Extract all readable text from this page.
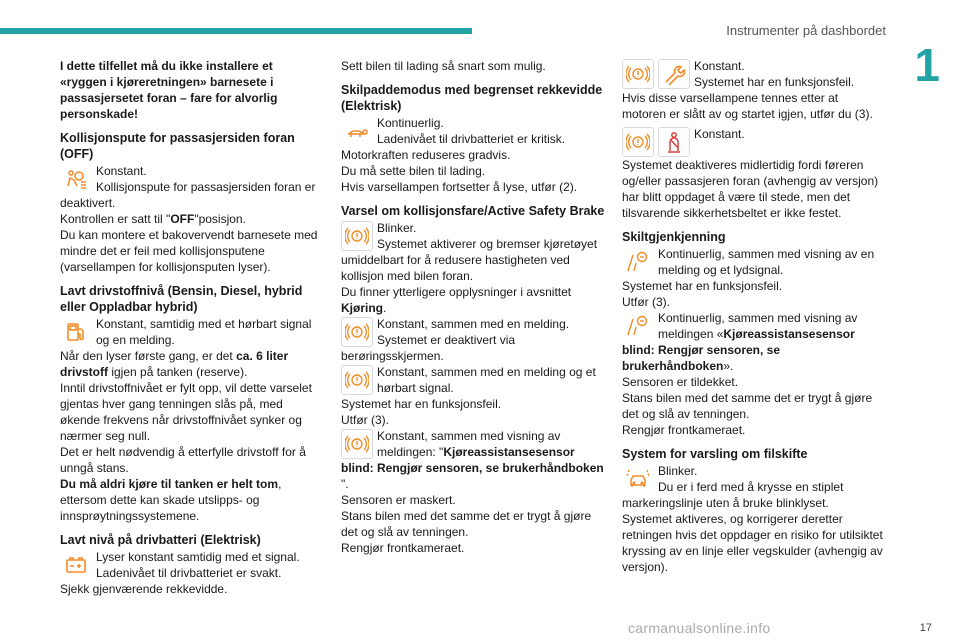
Instrumenter på dashbordet
1

I dette tilfellet må du ikke installere et «ryggen i kjøreretningen» barnesete i passasjersetet foran – fare for alvorlig personskade!

Kollisjonspute for passasjersiden foran (OFF)

Konstant.

Kollisjonspute for passasjersiden foran er deaktivert.

Kontrollen er satt til "OFF"posisjon.

Du kan montere et bakovervendt barnesete med mindre det er feil med kollisjonsputene (varsellampen for kollisjonsputen lyser).

Lavt drivstoffnivå (Bensin, Diesel, hybrid eller Oppladbar hybrid)

Konstant, samtidig med et hørbart signal og en melding.

Når den lyser første gang, er det ca. 6 liter drivstoff igjen på tanken (reserve).

Inntil drivstoffnivået er fylt opp, vil dette varselet gjentas hver gang tenningen slås på, med økende frekvens når drivstoffnivået synker og nærmer seg null.

Det er helt nødvendig å etterfylle drivstoff for å unngå stans.

Du må aldri kjøre til tanken er helt tom, ettersom dette kan skade utslipps- og innsprøytningssystemene.

Lavt nivå på drivbatteri (Elektrisk)

Lyser konstant samtidig med et signal.

Ladenivået til drivbatteriet er svakt.

Sjekk gjenværende rekkevidde.

Sett bilen til lading så snart som mulig.

Skilpaddemodus med begrenset rekkevidde (Elektrisk)

Kontinuerlig.

Ladenivået til drivbatteriet er kritisk.

Motorkraften reduseres gradvis.

Du må sette bilen til lading.

Hvis varsellampen fortsetter å lyse, utfør (2).

Varsel om kollisjonsfare/Active Safety Brake

Blinker.

Systemet aktiverer og bremser kjøretøyet umiddelbart for å redusere hastigheten ved kollisjon med bilen foran.

Du finner ytterligere opplysninger i avsnittet Kjøring.

Konstant, sammen med en melding.

Systemet er deaktivert via berøringsskjermen.

Konstant, sammen med en melding og et hørbart signal.

Systemet har en funksjonsfeil.

Utfør (3).

Konstant, sammen med visning av meldingen: "Kjøreassistansesensor blind: Rengjør sensoren, se brukerhåndboken ".

Sensoren er maskert.

Stans bilen med det samme det er trygt å gjøre det og slå av tenningen.

Rengjør frontkameraet.

Konstant.

Systemet har en funksjonsfeil.

Hvis disse varsellampene tennes etter at motoren er slått av og startet igjen, utfør du (3).

Konstant.

Systemet deaktiveres midlertidig fordi føreren og/eller passasjeren foran (avhengig av versjon) har blitt oppdaget å være til stede, men det tilsvarende sikkerhetsbeltet er ikke festet.

Skiltgjenkjenning

Kontinuerlig, sammen med visning av en melding og et lydsignal.

Systemet har en funksjonsfeil.

Utfør (3).

Kontinuerlig, sammen med visning av meldingen «Kjøreassistansesensor blind: Rengjør sensoren, se brukerhåndboken».

Sensoren er tildekket.

Stans bilen med det samme det er trygt å gjøre det og slå av tenningen.

Rengjør frontkameraet.

System for varsling om filskifte

Blinker.

Du er i ferd med å krysse en stiplet markeringslinje uten å bruke blinklyset.

Systemet aktiveres, og korrigerer deretter retningen hvis det oppdager en risiko for utilsiktet kryssing av en linje eller vegskulder (avhengig av versjon).

carmanualsonline.info	17
